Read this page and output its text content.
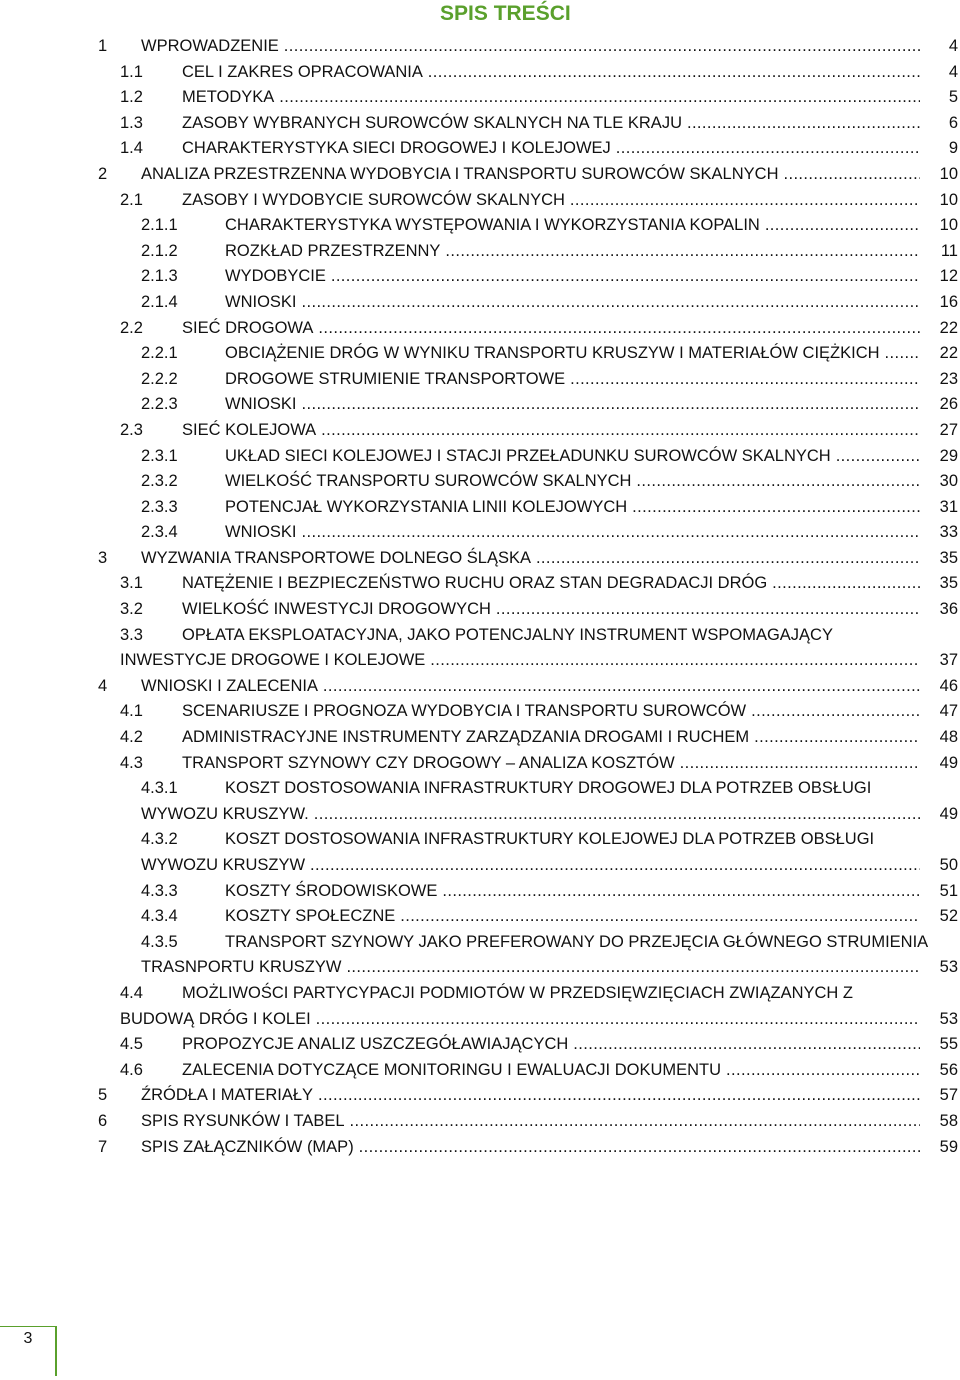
SPIS TREŚCI
1 WPROWADZENIE .....	4
1.1 CEL I ZAKRES OPRACOWANIA .....	4
1.2 METODYKA .....	5
1.3 ZASOBY WYBRANYCH SUROWCÓW SKALNYCH NA TLE KRAJU .....	6
1.4 CHARAKTERYSTYKA SIECI DROGOWEJ I KOLEJOWEJ .....	9
2 ANALIZA PRZESTRZENNA WYDOBYCIA I TRANSPORTU SUROWCÓW SKALNYCH .....	10
2.1 ZASOBY I WYDOBYCIE SUROWCÓW SKALNYCH .....	10
2.1.1	CHARAKTERYSTYKA WYSTĘPOWANIA I WYKORZYSTANIA KOPALIN .....	10
2.1.2	ROZKŁAD PRZESTRZENNY .....	11
2.1.3	WYDOBYCIE .....	12
2.1.4	WNIOSKI .....	16
2.2 SIEĆ DROGOWA .....	22
2.2.1	OBCIĄŻENIE DRÓG W WYNIKU TRANSPORTU KRUSZYW I MATERIAŁÓW CIĘŻKICH .....	22
2.2.2	DROGOWE STRUMIENIE TRANSPORTOWE .....	23
2.2.3	WNIOSKI .....	26
2.3 SIEĆ KOLEJOWA .....	27
2.3.1	UKŁAD SIECI KOLEJOWEJ I STACJI PRZEŁADUNKU SUROWCÓW SKALNYCH .....	29
2.3.2	WIELKOŚĆ TRANSPORTU SUROWCÓW SKALNYCH .....	30
2.3.3	POTENCJAŁ WYKORZYSTANIA LINII KOLEJOWYCH .....	31
2.3.4	WNIOSKI .....	33
3 WYZWANIA TRANSPORTOWE DOLNEGO ŚLĄSKA .....	35
3.1 NATĘŻENIE I BEZPIECZEŃSTWO RUCHU ORAZ STAN DEGRADACJI DRÓG .....	35
3.2 WIELKOŚĆ INWESTYCJI DROGOWYCH .....	36
3.3 OPŁATA EKSPLOATACYJNA, JAKO POTENCJALNY INSTRUMENT WSPOMAGAJĄCY
INWESTYCJE DROGOWE I KOLEJOWE .....	37
4 WNIOSKI I ZALECENIA .....	46
4.1 SCENARIUSZE I PROGNOZA WYDOBYCIA I TRANSPORTU SUROWCÓW .....	47
4.2 ADMINISTRACYJNE INSTRUMENTY ZARZĄDZANIA DROGAMI I RUCHEM .....	48
4.3 TRANSPORT SZYNOWY CZY DROGOWY – ANALIZA KOSZTÓW .....	49
4.3.1	KOSZT DOSTOSOWANIA INFRASTRUKTURY DROGOWEJ DLA POTRZEB OBSŁUGI
WYWOZU KRUSZYW. .....	49
4.3.2	KOSZT DOSTOSOWANIA INFRASTRUKTURY KOLEJOWEJ DLA POTRZEB OBSŁUGI
WYWOZU KRUSZYW .....	50
4.3.3	KOSZTY ŚRODOWISKOWE .....	51
4.3.4	KOSZTY SPOŁECZNE .....	52
4.3.5	TRANSPORT SZYNOWY JAKO PREFEROWANY DO PRZEJĘCIA GŁÓWNEGO STRUMIENIA
TRASNPORTU KRUSZYW .....	53
4.4 MOŻLIWOŚCI PARTYCYPACJI PODMIOTÓW W PRZEDSIĘWZIĘCIACH ZWIĄZANYCH Z
BUDOWĄ DRÓG I KOLEI .....	53
4.5 PROPOZYCJE ANALIZ USZCZEGÓŁAWIAJĄCYCH .....	55
4.6 ZALECENIA DOTYCZĄCE MONITORINGU I EWALUACJI DOKUMENTU .....	56
5 ŹRÓDŁA I MATERIAŁY .....	57
6 SPIS RYSUNKÓW I TABEL .....	58
7 SPIS ZAŁĄCZNIKÓW (MAP) .....	59
3
